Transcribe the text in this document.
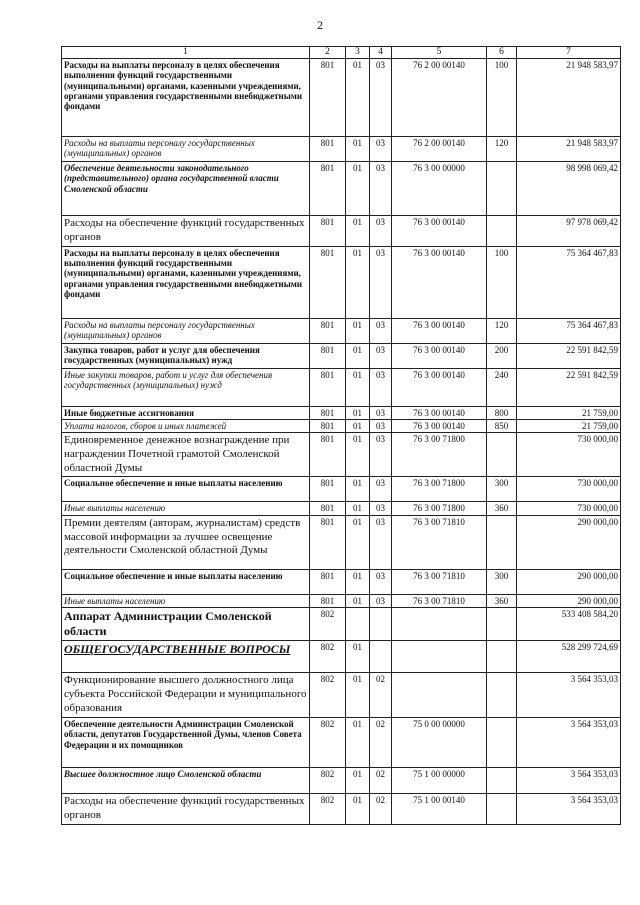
2
1	2	3	4	5	6	7
Расходы на выплаты персоналу в целях обеспечения выполнения функций государственными (муниципальными) органами, казенными учреждениями, органами управления государственными внебюджетными фондами	801	01	03	76 2 00 00140	100	21 948 583,97
Расходы на выплаты персоналу государственных (муниципальных) органов	801	01	03	76 2 00 00140	120	21 948 583,97
Обеспечение деятельности законодательного (представительного) органа государственной власти Смоленской области	801	01	03	76 3 00 00000		98 998 069,42
Расходы на обеспечение функций государственных органов	801	01	03	76 3 00 00140		97 978 069,42
Расходы на выплаты персоналу в целях обеспечения выполнения функций государственными (муниципальными) органами, казенными учреждениями, органами управления государственными внебюджетными фондами	801	01	03	76 3 00 00140	100	75 364 467,83
Расходы на выплаты персоналу государственных (муниципальных) органов	801	01	03	76 3 00 00140	120	75 364 467,83
Закупка товаров, работ и услуг для обеспечения государственных (муниципальных) нужд	801	01	03	76 3 00 00140	200	22 591 842,59
Иные закупки товаров, работ и услуг для обеспечения государственных (муниципальных) нужд	801	01	03	76 3 00 00140	240	22 591 842,59
Иные бюджетные ассигнования	801	01	03	76 3 00 00140	800	21 759,00
Уплата налогов, сборов и иных платежей	801	01	03	76 3 00 00140	850	21 759,00
Единовременное денежное вознаграждение при награждении Почетной грамотой Смоленской областной Думы	801	01	03	76 3 00 71800		730 000,00
Социальное обеспечение и иные выплаты населению	801	01	03	76 3 00 71800	300	730 000,00
Иные выплаты населению	801	01	03	76 3 00 71800	360	730 000,00
Премии деятелям (авторам, журналистам) средств массовой информации за лучшее освещение деятельности Смоленской областной Думы	801	01	03	76 3 00 71810		290 000,00
Социальное обеспечение и иные выплаты населению	801	01	03	76 3 00 71810	300	290 000,00
Иные выплаты населению	801	01	03	76 3 00 71810	360	290 000,00
Аппарат Администрации Смоленской области	802					533 408 584,20
ОБЩЕГОСУДАРСТВЕННЫЕ ВОПРОСЫ	802	01				528 299 724,69
Функционирование высшего должностного лица субъекта Российской Федерации и муниципального образования	802	01	02			3 564 353,03
Обеспечение деятельности Администрации Смоленской области, депутатов Государственной Думы, членов Совета Федерации и их помощников	802	01	02	75 0 00 00000		3 564 353,03
Высшее должностное лицо Смоленской области	802	01	02	75 1 00 00000		3 564 353,03
Расходы на обеспечение функций государственных органов	802	01	02	75 1 00 00140		3 564 353,03
